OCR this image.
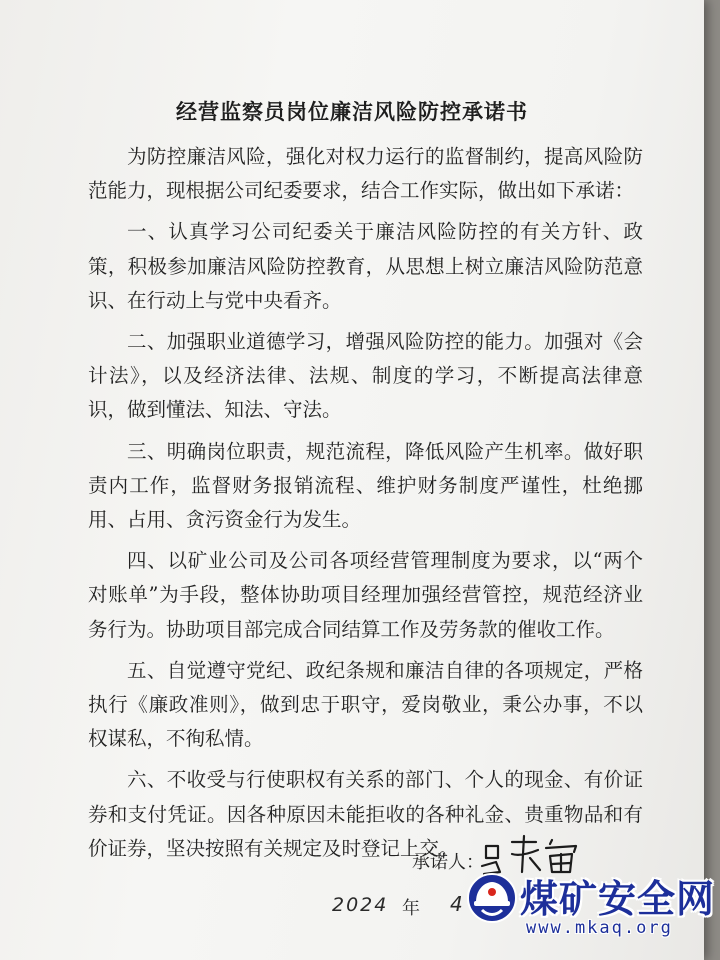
经营监察员岗位廉洁风险防控承诺书

为防控廉洁风险，强化对权力运行的监督制约，提高风险防范能力，现根据公司纪委要求，结合工作实际，做出如下承诺：

一、认真学习公司纪委关于廉洁风险防控的有关方针、政策，积极参加廉洁风险防控教育，从思想上树立廉洁风险防范意识、在行动上与党中央看齐。

二、加强职业道德学习，增强风险防控的能力。加强对《会计法》，以及经济法律、法规、制度的学习，不断提高法律意识，做到懂法、知法、守法。

三、明确岗位职责，规范流程，降低风险产生机率。做好职责内工作，监督财务报销流程、维护财务制度严谨性，杜绝挪用、占用、贪污资金行为发生。

四、以矿业公司及公司各项经营管理制度为要求，以“两个对账单”为手段，整体协助项目经理加强经营管控，规范经济业务行为。协助项目部完成合同结算工作及劳务款的催收工作。

五、自觉遵守党纪、政纪条规和廉洁自律的各项规定，严格执行《廉政准则》，做到忠于职守，爱岗敬业，秉公办事，不以权谋私，不徇私情。

六、不收受与行使职权有关系的部门、个人的现金、有价证券和支付凭证。因各种原因未能拒收的各种礼金、贵重物品和有价证券，坚决按照有关规定及时登记上交。

承诺人：
2024 年 4 煤矿安全网
www.mkaq.org
